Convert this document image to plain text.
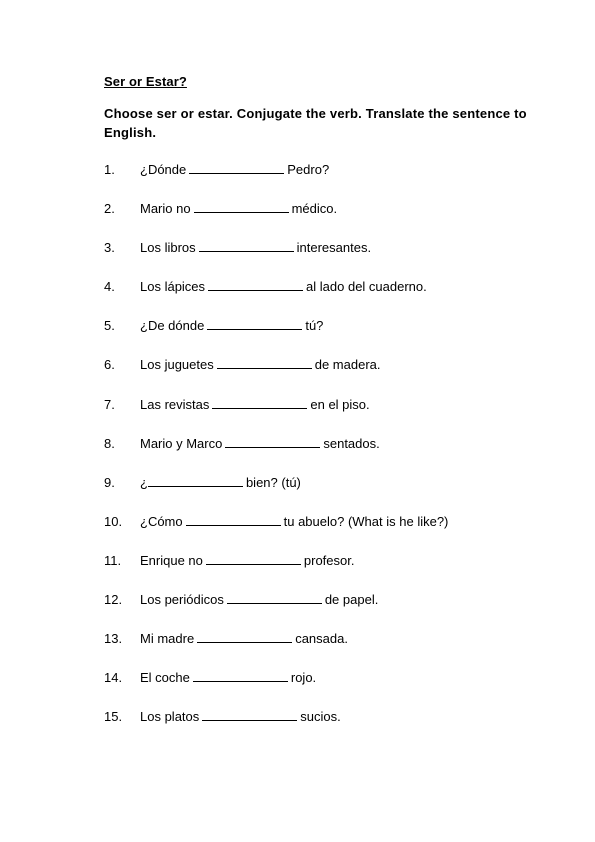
Ser or Estar?
Choose ser or estar. Conjugate the verb. Translate the sentence to English.
1.	¿Dónde	Pedro?
2.	Mario no	médico.
3.	Los libros	interesantes.
4.	Los lápices	al lado del cuaderno.
5.	¿De dónde	tú?
6.	Los juguetes	de madera.
7.	Las revistas	en el piso.
8.	Mario y Marco	sentados.
9.	¿	bien? (tú)
10.	¿Cómo	tu abuelo? (What is he like?)
11.	Enrique no	profesor.
12.	Los periódicos	de papel.
13.	Mi madre	cansada.
14.	El coche	rojo.
15.	Los platos	sucios.
